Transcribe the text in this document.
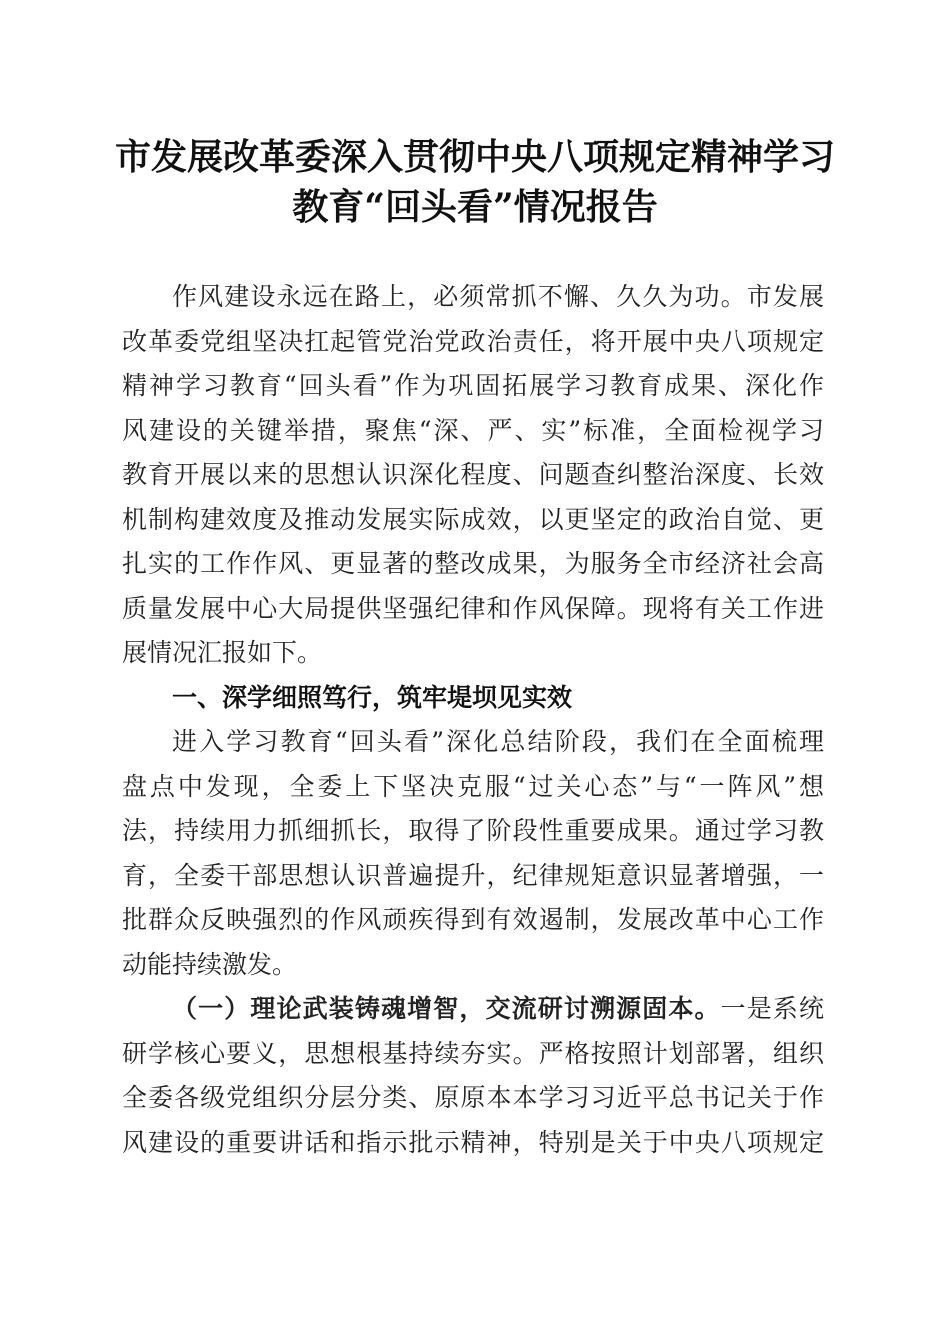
市发展改革委深入贯彻中央八项规定精神学习
教育“回头看”情况报告
作风建设永远在路上，必须常抓不懈、久久为功。市发展
改革委党组坚决扛起管党治党政治责任，将开展中央八项规定
精神学习教育“回头看”作为巩固拓展学习教育成果、深化作
风建设的关键举措，聚焦“深、严、实”标准，全面检视学习
教育开展以来的思想认识深化程度、问题查纠整治深度、长效
机制构建效度及推动发展实际成效，以更坚定的政治自觉、更
扎实的工作作风、更显著的整改成果，为服务全市经济社会高
质量发展中心大局提供坚强纪律和作风保障。现将有关工作进
展情况汇报如下。
一、深学细照笃行，筑牢堤坝见实效
进入学习教育“回头看”深化总结阶段，我们在全面梳理
盘点中发现，全委上下坚决克服“过关心态”与“一阵风”想
法，持续用力抓细抓长，取得了阶段性重要成果。通过学习教
育，全委干部思想认识普遍提升，纪律规矩意识显著增强，一
批群众反映强烈的作风顽疾得到有效遏制，发展改革中心工作
动能持续激发。
（一）理论武装铸魂增智，交流研讨溯源固本。一是系统
研学核心要义，思想根基持续夯实。严格按照计划部署，组织
全委各级党组织分层分类、原原本本学习习近平总书记关于作
风建设的重要讲话和指示批示精神，特别是关于中央八项规定
